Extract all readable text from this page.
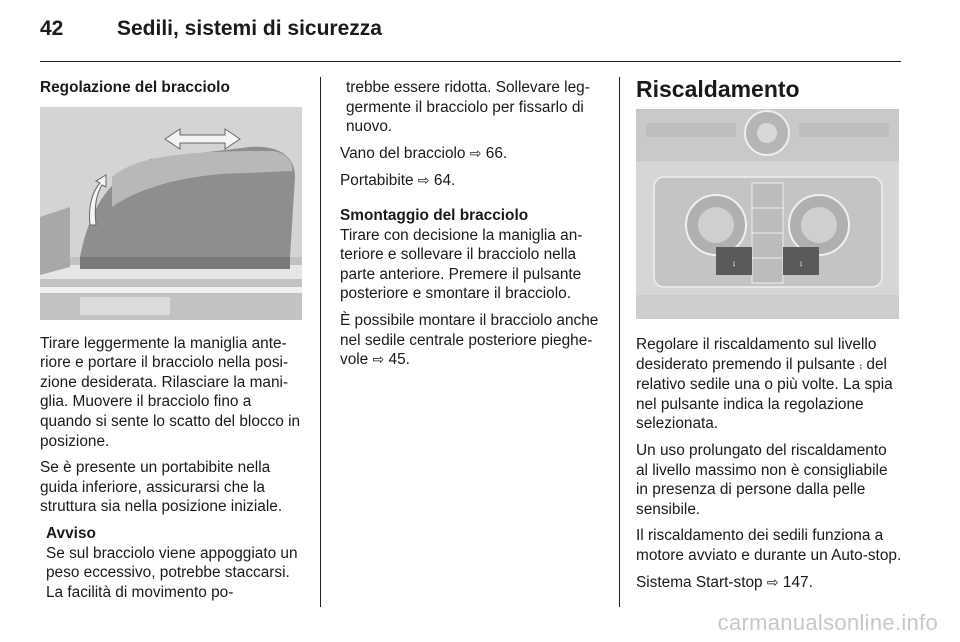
42	Sedili, sistemi di sicurezza

Regolazione del bracciolo

Tirare leggermente la maniglia anteriore e portare il bracciolo nella posizione desiderata. Rilasciare la maniglia. Muovere il bracciolo fino a quando si sente lo scatto del blocco in posizione.

Se è presente un portabibite nella guida inferiore, assicurarsi che la struttura sia nella posizione iniziale.

Avviso

Se sul bracciolo viene appoggiato un peso eccessivo, potrebbe staccarsi. La facilità di movimento po-

trebbe essere ridotta. Sollevare leggermente il bracciolo per fissarlo di nuovo.

Vano del bracciolo ⇨ 66.

Portabibite ⇨ 64.

Smontaggio del bracciolo

Tirare con decisione la maniglia anteriore e sollevare il bracciolo nella parte anteriore. Premere il pulsante posteriore e smontare il bracciolo.

È possibile montare il bracciolo anche nel sedile centrale posteriore pieghevole ⇨ 45.

Riscaldamento

⨾	⨾

Regolare il riscaldamento sul livello desiderato premendo il pulsante ⨾ del relativo sedile una o più volte. La spia nel pulsante indica la regolazione selezionata.

Un uso prolungato del riscaldamento al livello massimo non è consigliabile in presenza di persone dalla pelle sensibile.

Il riscaldamento dei sedili funziona a motore avviato e durante un Auto-stop.

Sistema Start-stop ⇨ 147.

carmanualsonline.info
